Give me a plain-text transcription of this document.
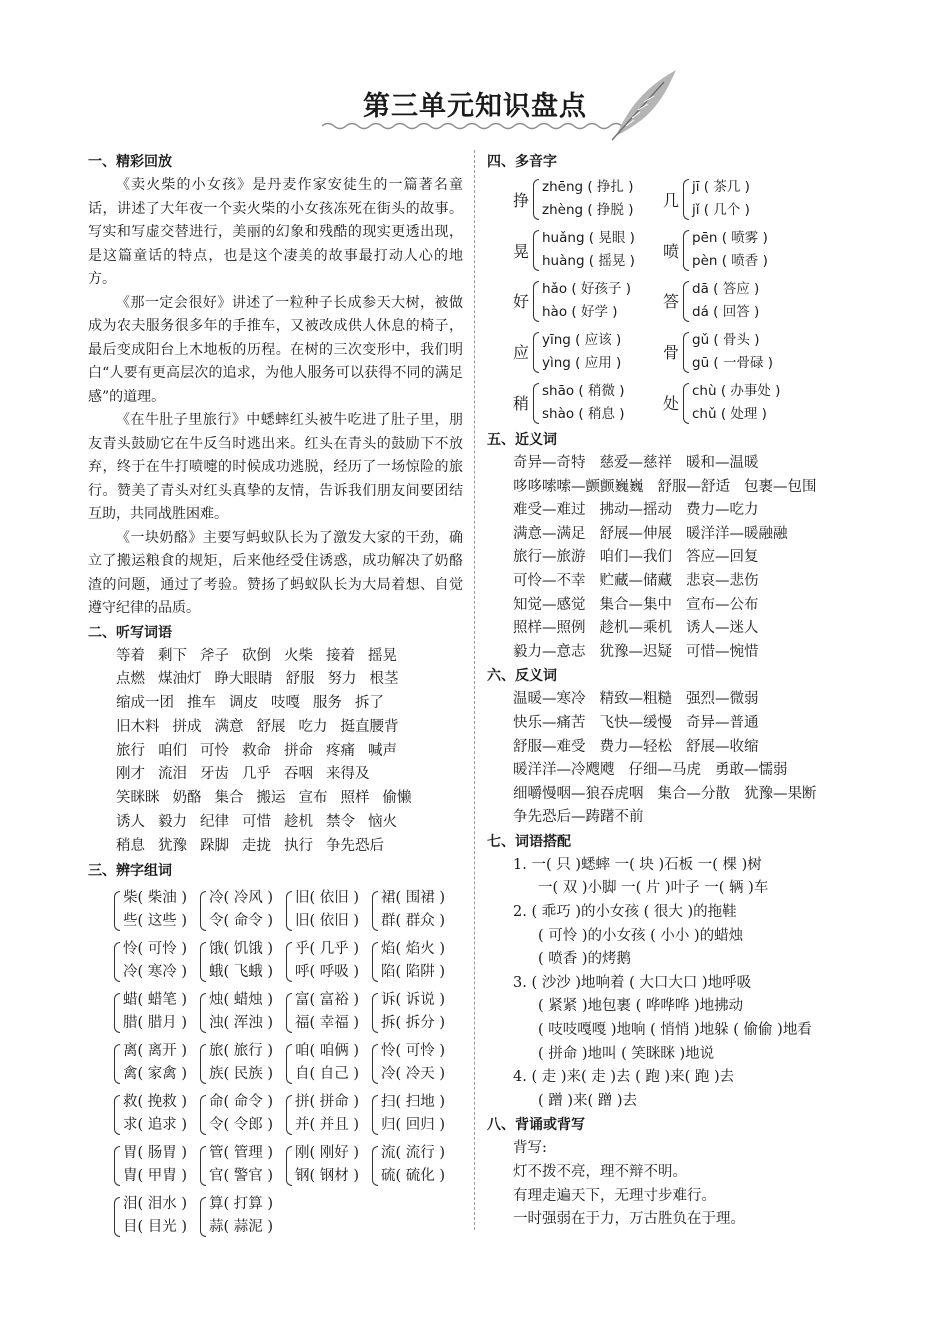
第三单元知识盘点
一、精彩回放

《卖火柴的小女孩》是丹麦作家安徒生的一篇著名童话，讲述了大年夜一个卖火柴的小女孩冻死在街头的故事。写实和写虚交替进行，美丽的幻象和残酷的现实更透出现，是这篇童话的特点，也是这个凄美的故事最打动人心的地方。

《那一定会很好》讲述了一粒种子长成参天大树，被做成为农夫服务很多年的手推车，又被改成供人休息的椅子，最后变成阳台上木地板的历程。在树的三次变形中，我们明白“人要有更高层次的追求，为他人服务可以获得不同的满足感”的道理。

《在牛肚子里旅行》中蟋蟀红头被牛吃进了肚子里，朋友青头鼓励它在牛反刍时逃出来。红头在青头的鼓励下不放弃，终于在牛打喷嚏的时候成功逃脱，经历了一场惊险的旅行。赞美了青头对红头真挚的友情，告诉我们朋友间要团结互助，共同战胜困难。

《一块奶酪》主要写蚂蚁队长为了激发大家的干劲，确立了搬运粮食的规矩，后来他经受住诱惑，成功解决了奶酪渣的问题，通过了考验。赞扬了蚂蚁队长为大局着想、自觉遵守纪律的品质。

二、听写词语
等着 剩下 斧子 砍倒 火柴 接着 摇晃
点燃 煤油灯 睁大眼睛 舒服 努力 根茎
缩成一团 推车 调皮 吱嘎 服务 拆了
旧木料 拼成 满意 舒展 吃力 挺直腰背
旅行 咱们 可怜 救命 拼命 疼痛 喊声
刚才 流泪 牙齿 几乎 吞咽 来得及
笑眯眯 奶酪 集合 搬运 宣布 照样 偷懒
诱人 毅力 纪律 可惜 趁机 禁令 恼火
稍息 犹豫 跺脚 走拢 执行 争先恐后
三、辨字组词
柴( 柴油 )
些( 这些 )
冷( 冷风 )
令( 命令 )
旧( 依旧 )
旧( 依旧 )
裙( 围裙 )
群( 群众 )
怜( 可怜 )
冷( 寒冷 )
饿( 饥饿 )
蛾( 飞蛾 )
乎( 几乎 )
呼( 呼吸 )
焰( 焰火 )
陷( 陷阱 )
蜡( 蜡笔 )
腊( 腊月 )
烛( 蜡烛 )
浊( 浑浊 )
富( 富裕 )
福( 幸福 )
诉( 诉说 )
拆( 拆分 )
离( 离开 )
禽( 家禽 )
旅( 旅行 )
族( 民族 )
咱( 咱俩 )
自( 自己 )
怜( 可怜 )
冷( 冷天 )
救( 挽救 )
求( 追求 )
命( 命令 )
令( 令郎 )
拼( 拼命 )
并( 并且 )
扫( 扫地 )
归( 回归 )
胃( 肠胃 )
胄( 甲胄 )
管( 管理 )
官( 警官 )
刚( 刚好 )
钢( 钢材 )
流( 流行 )
硫( 硫化 )
泪( 泪水 )
目( 目光 )
算( 打算 )
蒜( 蒜泥 )
四、多音字
挣
zhēng ( 挣扎 )
zhèng ( 挣脱 )
几
jī ( 茶几 )
jǐ ( 几个 )
晃
huǎng ( 晃眼 )
huàng ( 摇晃 )
喷
pēn ( 喷雾 )
pèn ( 喷香 )
好
hǎo ( 好孩子 )
hào ( 好学 )
答
dā ( 答应 )
dá ( 回答 )
应
yīng ( 应该 )
yìng ( 应用 )
骨
gǔ ( 骨头 )
gū ( 一骨碌 )
稍
shāo ( 稍微 )
shào ( 稍息 )
处
chù ( 办事处 )
chǔ ( 处理 )
五、近义词
奇异—奇特 慈爱—慈祥 暖和—温暖
哆哆嗦嗦—颤颤巍巍 舒服—舒适 包裹—包围
难受—难过 拂动—摇动 费力—吃力
满意—满足 舒展—伸展 暖洋洋—暖融融
旅行—旅游 咱们—我们 答应—回复
可怜—不幸 贮藏—储藏 悲哀—悲伤
知觉—感觉 集合—集中 宣布—公布
照样—照例 趁机—乘机 诱人—迷人
毅力—意志 犹豫—迟疑 可惜—惋惜
六、反义词
温暖—寒冷 精致—粗糙 强烈—微弱
快乐—痛苦 飞快—缓慢 奇异—普通
舒服—难受 费力—轻松 舒展—收缩
暖洋洋—冷飕飕 仔细—马虎 勇敢—懦弱
细嚼慢咽—狼吞虎咽 集合—分散 犹豫—果断
争先恐后—踌躇不前
七、词语搭配
1. 一( 只 )蟋蟀 一( 块 )石板 一( 棵 )树
一( 双 )小脚 一( 片 )叶子 一( 辆 )车
2. ( 乖巧 )的小女孩 ( 很大 )的拖鞋
( 可怜 )的小女孩 ( 小小 )的蜡烛
( 喷香 )的烤鹅
3. ( 沙沙 )地响着 ( 大口大口 )地呼吸
( 紧紧 )地包裹 ( 哗哗哗 )地拂动
( 吱吱嘎嘎 )地响 ( 悄悄 )地躲 ( 偷偷 )地看
( 拼命 )地叫 ( 笑眯眯 )地说
4. ( 走 )来( 走 )去 ( 跑 )来( 跑 )去
( 蹭 )来( 蹭 )去
八、背诵或背写
背写:
灯不拨不亮，理不辩不明。
有理走遍天下，无理寸步难行。
一时强弱在于力，万古胜负在于理。
